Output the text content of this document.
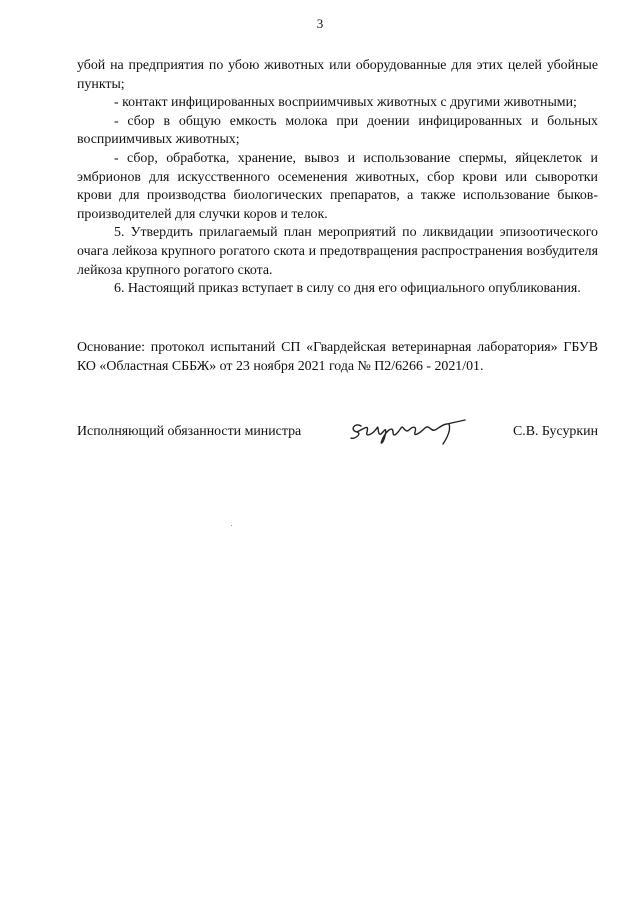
3

убой на предприятия по убою животных или оборудованные для этих целей убойные пункты;

- контакт инфицированных восприимчивых животных с другими животными;

- сбор в общую емкость молока при доении инфицированных и больных восприимчивых животных;

- сбор, обработка, хранение, вывоз и использование спермы, яйцеклеток и эмбрионов для искусственного осеменения животных, сбор крови или сыворотки крови для производства биологических препаратов, а также использование быков-производителей для случки коров и телок.

5. Утвердить прилагаемый план мероприятий по ликвидации эпизоотического очага лейкоза крупного рогатого скота и предотвращения распространения возбудителя лейкоза крупного рогатого скота.

6. Настоящий приказ вступает в силу со дня его официального опубликования.

Основание: протокол испытаний СП «Гвардейская ветеринарная лаборатория» ГБУВ КО «Областная СББЖ» от 23 ноября 2021 года № П2/6266 - 2021/01.

Исполняющий обязанности министра	С.В. Бусуркин
